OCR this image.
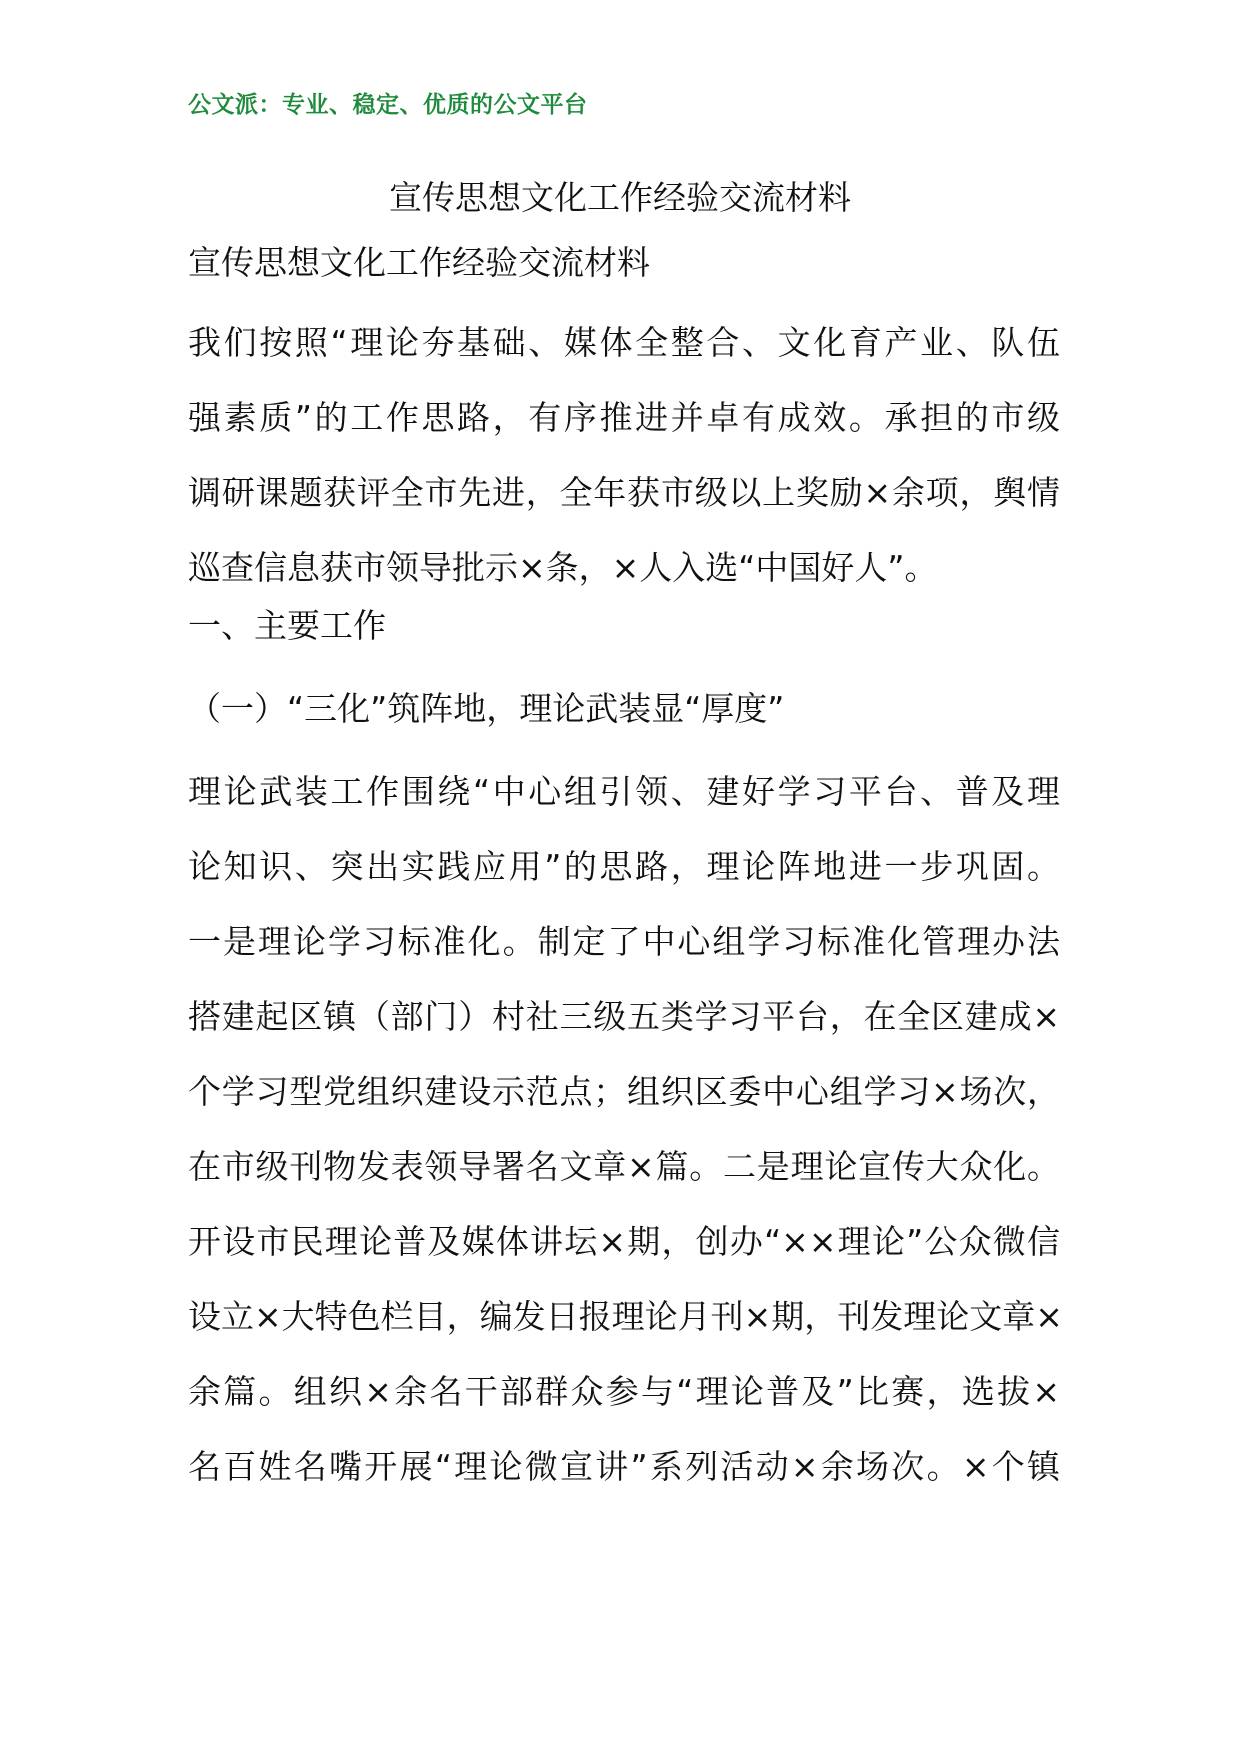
公文派：专业、稳定、优质的公文平台
宣传思想文化工作经验交流材料
宣传思想文化工作经验交流材料
我们按照“理论夯基础、媒体全整合、文化育产业、队伍
强素质”的工作思路，有序推进并卓有成效。承担的市级
调研课题获评全市先进，全年获市级以上奖励×余项，舆情
巡查信息获市领导批示×条，×人入选“中国好人”。
一、主要工作
（一）“三化”筑阵地，理论武装显“厚度”
理论武装工作围绕“中心组引领、建好学习平台、普及理
论知识、突出实践应用”的思路，理论阵地进一步巩固。
一是理论学习标准化。制定了中心组学习标准化管理办法
搭建起区镇（部门）村社三级五类学习平台，在全区建成×
个学习型党组织建设示范点；组织区委中心组学习×场次，
在市级刊物发表领导署名文章×篇。二是理论宣传大众化。
开设市民理论普及媒体讲坛×期，创办“××理论”公众微信
设立×大特色栏目，编发日报理论月刊×期，刊发理论文章×
余篇。组织×余名干部群众参与“理论普及”比赛，选拔×
名百姓名嘴开展“理论微宣讲”系列活动×余场次。×个镇
